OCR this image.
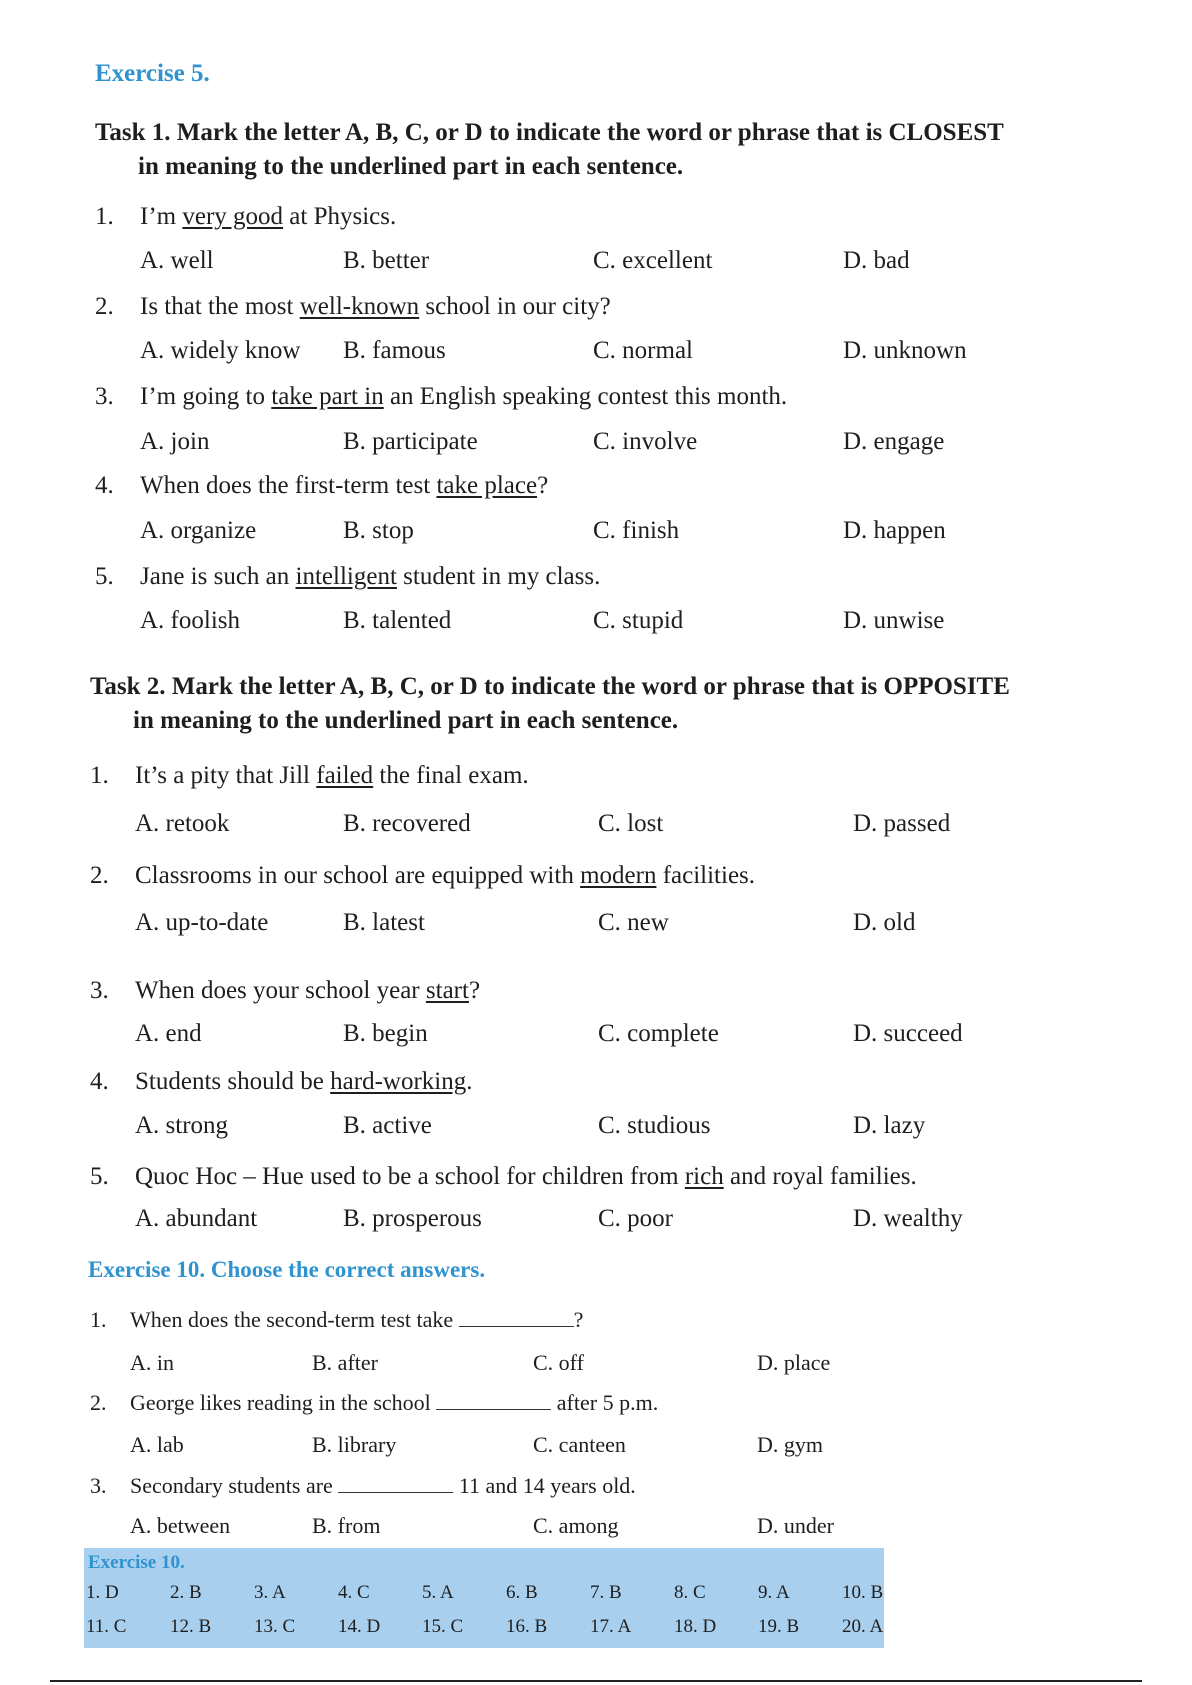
Exercise 5.
Task 1. Mark the letter A, B, C, or D to indicate the word or phrase that is CLOSEST
in meaning to the underlined part in each sentence.
1. I’m very good at Physics.
A. well	B. better	C. excellent	D. bad
2. Is that the most well-known school in our city?
A. widely know B. famous	C. normal	D. unknown
3. I’m going to take part in an English speaking contest this month.
A. join	B. participate	C. involve	D. engage
4. When does the first-term test take place?
A. organize	B. stop	C. finish	D. happen
5. Jane is such an intelligent student in my class.
A. foolish	B. talented	C. stupid	D. unwise
Task 2. Mark the letter A, B, C, or D to indicate the word or phrase that is OPPOSITE
in meaning to the underlined part in each sentence.
1. It’s a pity that Jill failed the final exam.
A. retook	B. recovered	C. lost	D. passed
2. Classrooms in our school are equipped with modern facilities.
A. up-to-date	B. latest	C. new	D. old
3. When does your school year start?
A. end	B. begin	C. complete	D. succeed
4. Students should be hard-working.
A. strong	B. active	C. studious	D. lazy
5. Quoc Hoc – Hue used to be a school for children from rich and royal families.
A. abundant	B. prosperous	C. poor	D. wealthy
Exercise 10. Choose the correct answers.
1. When does the second-term test take	?
A. in	B. after	C. off	D. place
2. George likes reading in the school	after 5 p.m.
A. lab	B. library	C. canteen	D. gym
3. Secondary students are	11 and 14 years old.
A. between	B. from	C. among	D. under
Exercise 10.
1. D	2. B	3. A	4. C	5. A	6. B	7. B	8. C	9. A	10. B
11. C 12. B 13. C 14. D 15. C 16. B 17. A 18. D 19. B 20. A
